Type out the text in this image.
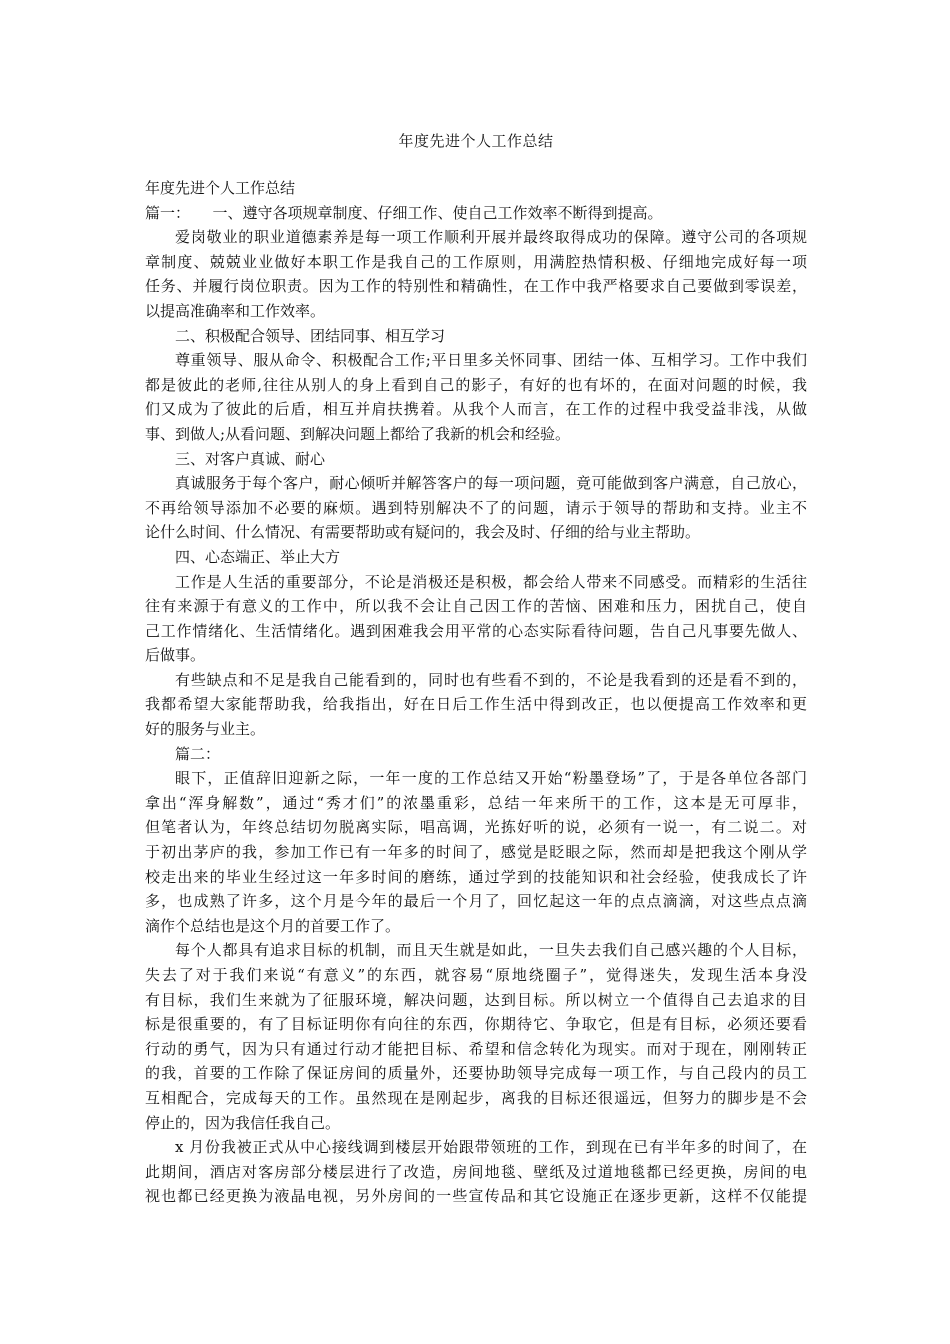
年度先进个人工作总结
年度先进个人工作总结
篇一：　　一、遵守各项规章制度、仔细工作、使自己工作效率不断得到提高。
爱岗敬业的职业道德素养是每一项工作顺利开展并最终取得成功的保障。遵守公司的各项规
章制度、兢兢业业做好本职工作是我自己的工作原则，用满腔热情积极、仔细地完成好每一项
任务、并履行岗位职责。因为工作的特别性和精确性，在工作中我严格要求自己要做到零误差，
以提高准确率和工作效率。
二、积极配合领导、团结同事、相互学习
尊重领导、服从命令、积极配合工作;平日里多关怀同事、团结一体、互相学习。工作中我们
都是彼此的老师,往往从别人的身上看到自己的影子，有好的也有坏的，在面对问题的时候，我
们又成为了彼此的后盾，相互并肩扶携着。从我个人而言，在工作的过程中我受益非浅，从做
事、到做人;从看问题、到解决问题上都给了我新的机会和经验。
三、对客户真诚、耐心
真诚服务于每个客户，耐心倾听并解答客户的每一项问题，竟可能做到客户满意，自己放心，
不再给领导添加不必要的麻烦。遇到特别解决不了的问题，请示于领导的帮助和支持。业主不
论什么时间、什么情况、有需要帮助或有疑问的，我会及时、仔细的给与业主帮助。
四、心态端正、举止大方
工作是人生活的重要部分，不论是消极还是积极，都会给人带来不同感受。而精彩的生活往
往有来源于有意义的工作中，所以我不会让自己因工作的苦恼、困难和压力，困扰自己，使自
己工作情绪化、生活情绪化。遇到困难我会用平常的心态实际看待问题，告自己凡事要先做人、
后做事。
有些缺点和不足是我自己能看到的，同时也有些看不到的，不论是我看到的还是看不到的，
我都希望大家能帮助我，给我指出，好在日后工作生活中得到改正，也以便提高工作效率和更
好的服务与业主。
篇二：
眼下，正值辞旧迎新之际，一年一度的工作总结又开始“粉墨登场”了，于是各单位各部门
拿出“浑身解数”，通过“秀才们”的浓墨重彩，总结一年来所干的工作，这本是无可厚非，
但笔者认为，年终总结切勿脱离实际，唱高调，光拣好听的说，必须有一说一，有二说二。对
于初出茅庐的我，参加工作已有一年多的时间了，感觉是眨眼之际，然而却是把我这个刚从学
校走出来的毕业生经过这一年多时间的磨练，通过学到的技能知识和社会经验，使我成长了许
多，也成熟了许多，这个月是今年的最后一个月了，回忆起这一年的点点滴滴，对这些点点滴
滴作个总结也是这个月的首要工作了。
每个人都具有追求目标的机制，而且天生就是如此，一旦失去我们自己感兴趣的个人目标，
失去了对于我们来说“有意义”的东西，就容易“原地绕圈子”，觉得迷失，发现生活本身没
有目标，我们生来就为了征服环境，解决问题，达到目标。所以树立一个值得自己去追求的目
标是很重要的，有了目标证明你有向往的东西，你期待它、争取它，但是有目标，必须还要看
行动的勇气，因为只有通过行动才能把目标、希望和信念转化为现实。而对于现在，刚刚转正
的我，首要的工作除了保证房间的质量外，还要协助领导完成每一项工作，与自己段内的员工
互相配合，完成每天的工作。虽然现在是刚起步，离我的目标还很遥远，但努力的脚步是不会
停止的，因为我信任我自己。
x 月份我被正式从中心接线调到楼层开始跟带领班的工作，到现在已有半年多的时间了，在
此期间，酒店对客房部分楼层进行了改造，房间地毯、壁纸及过道地毯都已经更换，房间的电
视也都已经更换为液晶电视，另外房间的一些宣传品和其它设施正在逐步更新，这样不仅能提
